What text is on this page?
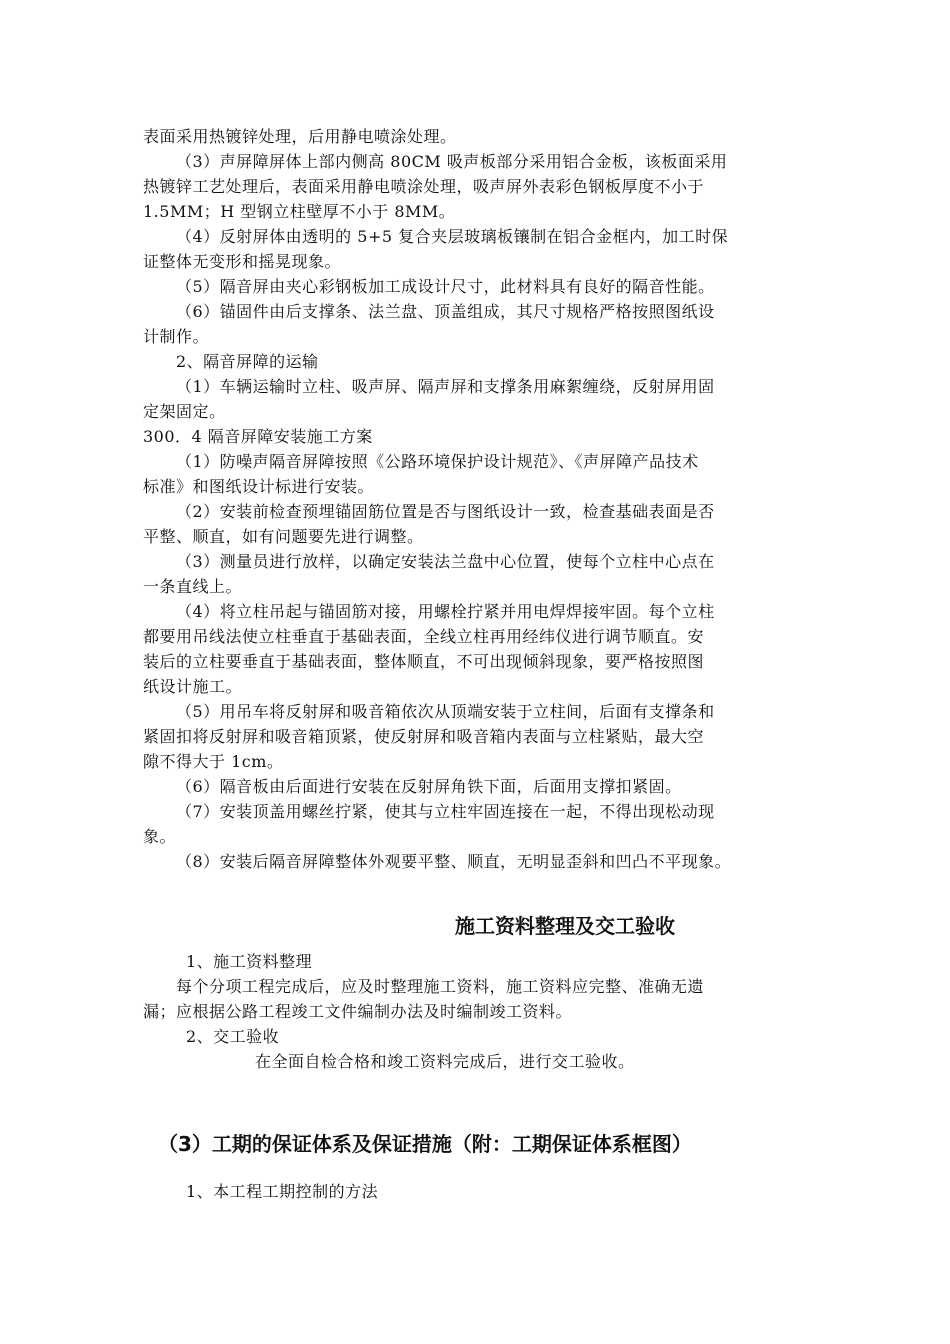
表面采用热镀锌处理，后用静电喷涂处理。
（3）声屏障屏体上部内侧高 80CM 吸声板部分采用铝合金板，该板面采用
热镀锌工艺处理后，表面采用静电喷涂处理，吸声屏外表彩色钢板厚度不小于
1.5MM；H 型钢立柱壁厚不小于 8MM。
（4）反射屏体由透明的 5+5 复合夹层玻璃板镶制在铝合金框内，加工时保
证整体无变形和摇晃现象。
（5）隔音屏由夹心彩钢板加工成设计尺寸，此材料具有良好的隔音性能。
（6）锚固件由后支撑条、法兰盘、顶盖组成，其尺寸规格严格按照图纸设
计制作。
2、隔音屏障的运输
（1）车辆运输时立柱、吸声屏、隔声屏和支撑条用麻絮缠绕，反射屏用固
定架固定。
300．4 隔音屏障安装施工方案
（1）防噪声隔音屏障按照《公路环境保护设计规范》、《声屏障产品技术
标准》和图纸设计标进行安装。
（2）安装前检查预埋锚固筋位置是否与图纸设计一致，检查基础表面是否
平整、顺直，如有问题要先进行调整。
（3）测量员进行放样，以确定安装法兰盘中心位置，使每个立柱中心点在
一条直线上。
（4）将立柱吊起与锚固筋对接，用螺栓拧紧并用电焊焊接牢固。每个立柱
都要用吊线法使立柱垂直于基础表面，全线立柱再用经纬仪进行调节顺直。安
装后的立柱要垂直于基础表面，整体顺直，不可出现倾斜现象，要严格按照图
纸设计施工。
（5）用吊车将反射屏和吸音箱依次从顶端安装于立柱间，后面有支撑条和
紧固扣将反射屏和吸音箱顶紧，使反射屏和吸音箱内表面与立柱紧贴，最大空
隙不得大于 1cm。
（6）隔音板由后面进行安装在反射屏角铁下面，后面用支撑扣紧固。
（7）安装顶盖用螺丝拧紧，使其与立柱牢固连接在一起，不得出现松动现
象。
（8）安装后隔音屏障整体外观要平整、顺直，无明显歪斜和凹凸不平现象。
施工资料整理及交工验收
1、施工资料整理
每个分项工程完成后，应及时整理施工资料，施工资料应完整、准确无遗
漏；应根据公路工程竣工文件编制办法及时编制竣工资料。
2、交工验收
在全面自检合格和竣工资料完成后，进行交工验收。
（3）工期的保证体系及保证措施（附：工期保证体系框图）
1、本工程工期控制的方法
